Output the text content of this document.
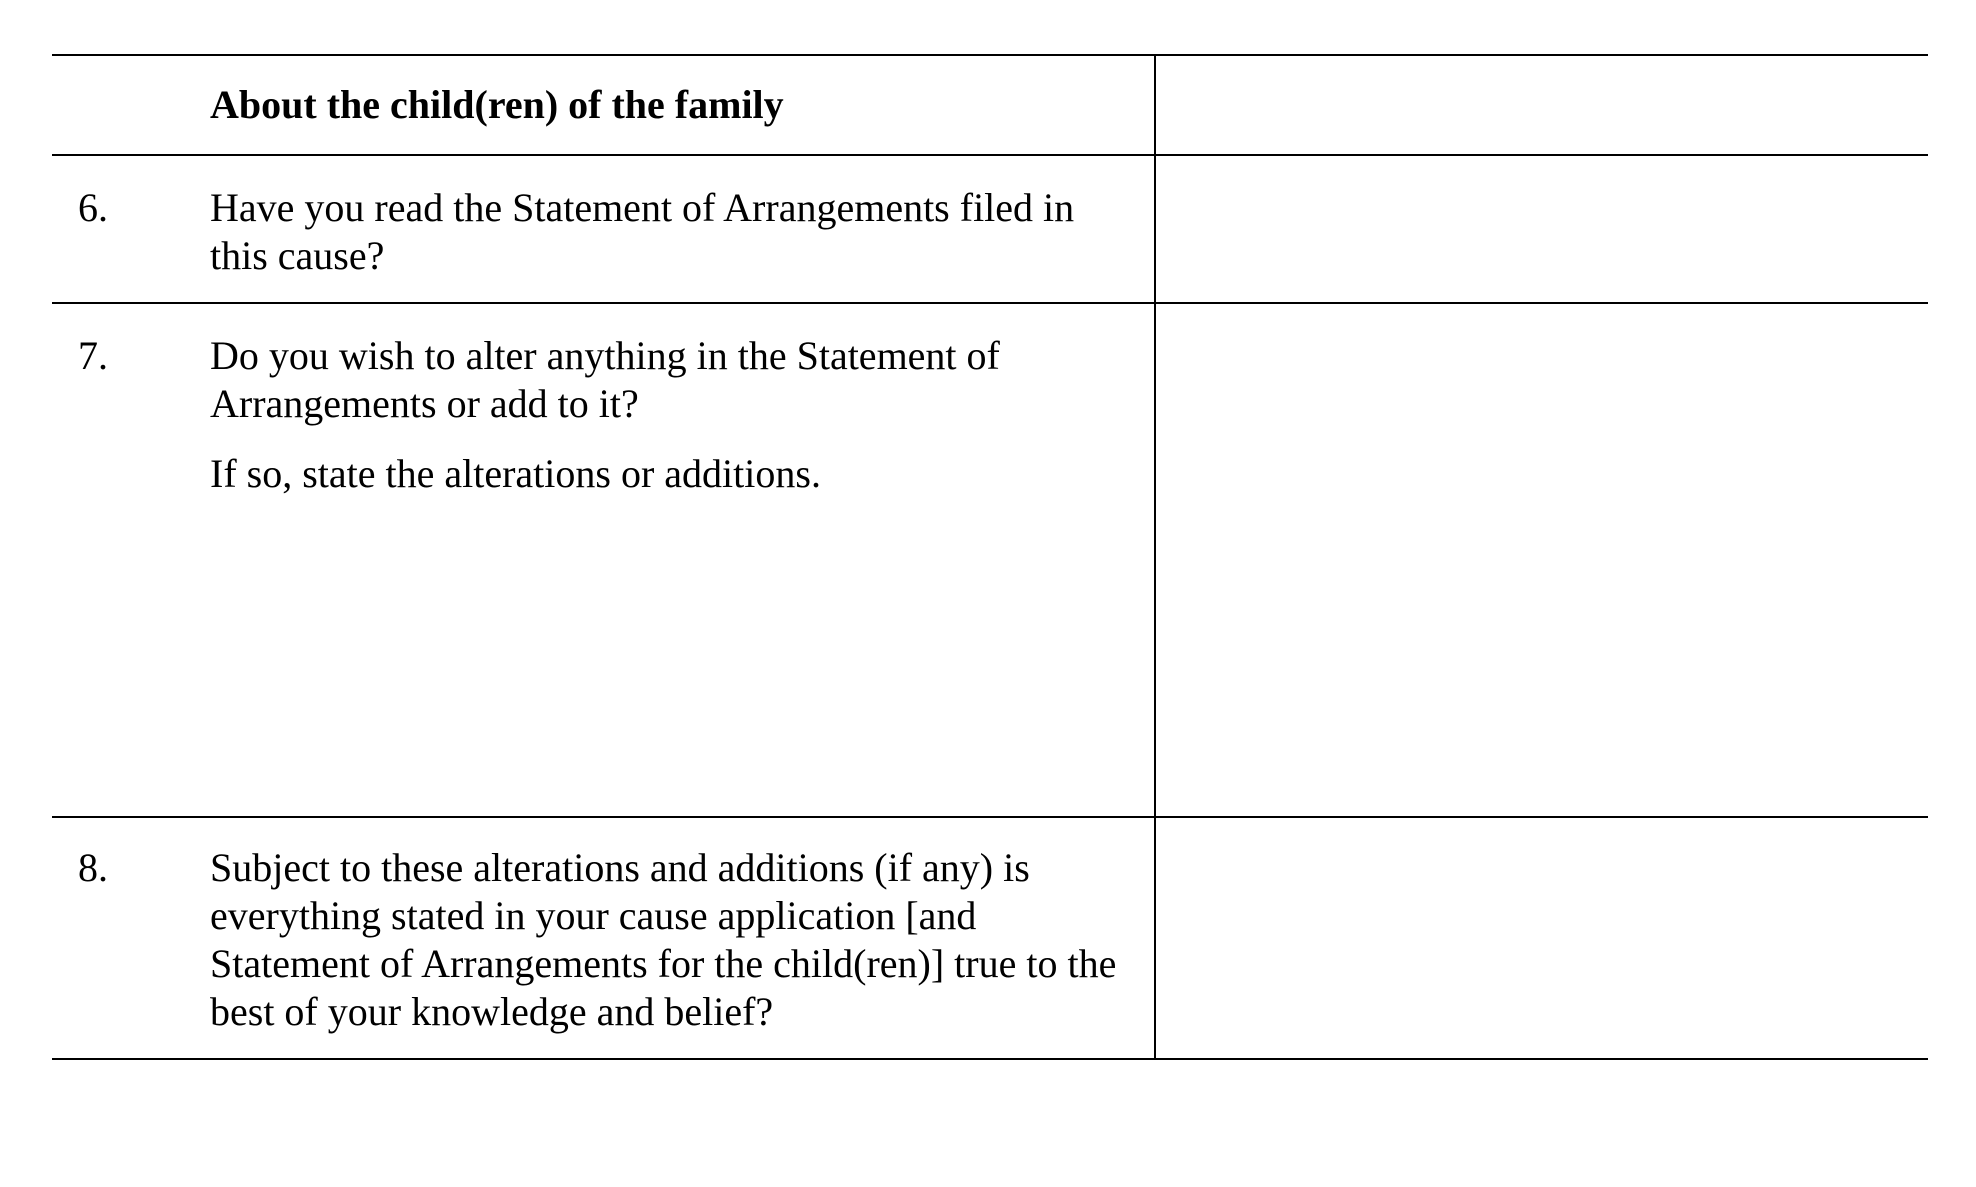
	About the child(ren) of the family	
6.	Have you read the Statement of Arrangements filed in this cause?	

7.	Do you wish to alter anything in the Statement of Arrangements or add to it?

If so, state the alterations or additions.	

8.	Subject to these alterations and additions (if any) is everything stated in your cause application [and Statement of Arrangements for the child(ren)] true to the best of your knowledge and belief?	
